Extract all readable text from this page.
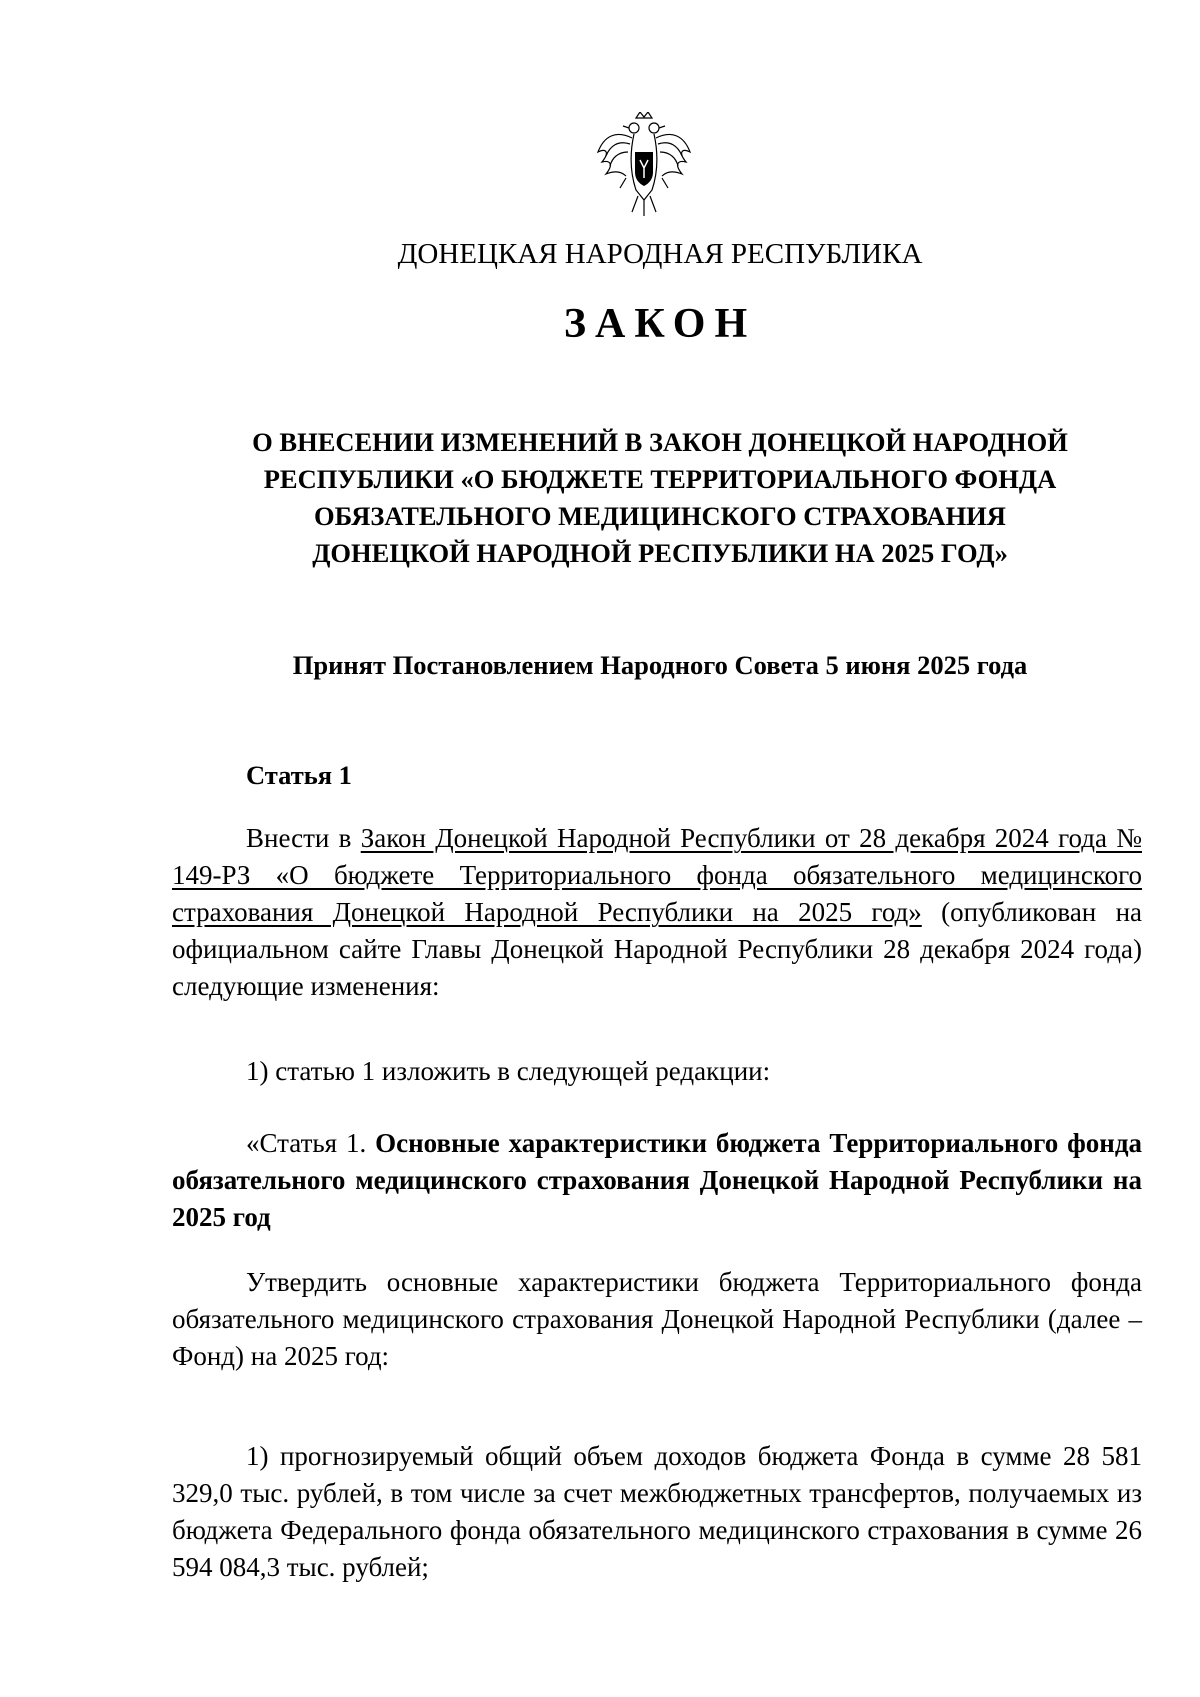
ДОНЕЦКАЯ НАРОДНАЯ РЕСПУБЛИКА

ЗАКОН

О ВНЕСЕНИИ ИЗМЕНЕНИЙ В ЗАКОН ДОНЕЦКОЙ НАРОДНОЙ
РЕСПУБЛИКИ «О БЮДЖЕТЕ ТЕРРИТОРИАЛЬНОГО ФОНДА
ОБЯЗАТЕЛЬНОГО МЕДИЦИНСКОГО СТРАХОВАНИЯ
ДОНЕЦКОЙ НАРОДНОЙ РЕСПУБЛИКИ НА 2025 ГОД»

Принят Постановлением Народного Совета 5 июня 2025 года

Статья 1

Внести в Закон Донецкой Народной Республики от 28 декабря 2024 года № 149-РЗ «О бюджете Территориального фонда обязательного медицинского страхования Донецкой Народной Республики на 2025 год» (опубликован на официальном сайте Главы Донецкой Народной Республики 28 декабря 2024 года) следующие изменения:

1) статью 1 изложить в следующей редакции:

«Статья 1. Основные характеристики бюджета Территориального фонда обязательного медицинского страхования Донецкой Народной Республики на 2025 год

Утвердить основные характеристики бюджета Территориального фонда обязательного медицинского страхования Донецкой Народной Республики (далее – Фонд) на 2025 год:

1) прогнозируемый общий объем доходов бюджета Фонда в сумме 28 581 329,0 тыс. рублей, в том числе за счет межбюджетных трансфертов, получаемых из бюджета Федерального фонда обязательного медицинского страхования в сумме 26 594 084,3 тыс. рублей;
